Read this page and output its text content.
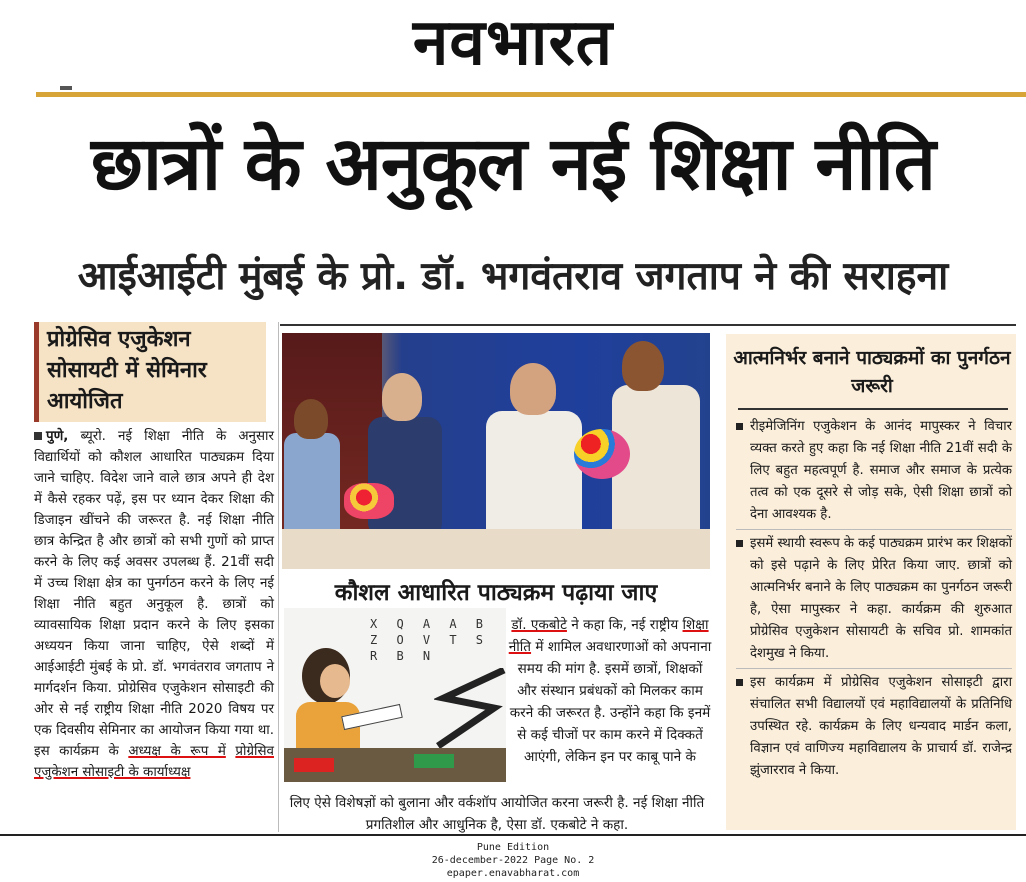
नवभारत
छात्रों के अनुकूल नई शिक्षा नीति
आईआईटी मुंबई के प्रो. डॉ. भगवंतराव जगताप ने की सराहना
प्रोग्रेसिव एजुकेशन
सोसायटी में सेमिनार
आयोजित
पुणे, ब्यूरो. नई शिक्षा नीति के अनुसार विद्यार्थियों को कौशल आधारित पाठ्यक्रम दिया जाने चाहिए. विदेश जाने वाले छात्र अपने ही देश में कैसे रहकर पढ़ें, इस पर ध्यान देकर शिक्षा की डिजाइन खींचने की जरूरत है. नई शिक्षा नीति छात्र केन्द्रित है और छात्रों को सभी गुणों को प्राप्त करने के लिए कई अवसर उपलब्ध हैं. 21वीं सदी में उच्च शिक्षा क्षेत्र का पुनर्गठन करने के लिए नई शिक्षा नीति बहुत अनुकूल है. छात्रों को व्यावसायिक शिक्षा प्रदान करने के लिए इसका अध्ययन किया जाना चाहिए, ऐसे शब्दों में आईआईटी मुंबई के प्रो. डॉ. भगवंतराव जगताप ने मार्गदर्शन किया. प्रोग्रेसिव एजुकेशन सोसाइटी की ओर से नई राष्ट्रीय शिक्षा नीति 2020 विषय पर एक दिवसीय सेमिनार का आयोजन किया गया था. इस कार्यक्रम के अध्यक्ष के रूप में प्रोग्रेसिव एजुकेशन सोसाइटी के कार्याध्यक्ष
कौशल आधारित पाठ्यक्रम पढ़ाया जाए
X Q A A B Z O V T S R B N
डॉ. एकबोटे ने कहा कि, नई राष्ट्रीय शिक्षा नीति में शामिल अवधारणाओं को अपनाना समय की मांग है. इसमें छात्रों, शिक्षकों और संस्थान प्रबंधकों को मिलकर काम करने की जरूरत है. उन्होंने कहा कि इनमें से कई चीजों पर काम करने में दिक्कतें आएंगी, लेकिन इन पर काबू पाने के
लिए ऐसे विशेषज्ञों को बुलाना और वर्कशॉप आयोजित करना जरूरी है. नई शिक्षा नीति प्रगतिशील और आधुनिक है, ऐसा डॉ. एकबोटे ने कहा.
आत्मनिर्भर बनाने पाठ्यक्रमों का पुनर्गठन जरूरी

रीइमेजिनिंग एजुकेशन के आनंद मापुस्कर ने विचार व्यक्त करते हुए कहा कि नई शिक्षा नीति 21वीं सदी के लिए बहुत महत्वपूर्ण है. समाज और समाज के प्रत्येक तत्व को एक दूसरे से जोड़ सके, ऐसी शिक्षा छात्रों को देना आवश्यक है.

इसमें स्थायी स्वरूप के कई पाठ्यक्रम प्रारंभ कर शिक्षकों को इसे पढ़ाने के लिए प्रेरित किया जाए. छात्रों को आत्मनिर्भर बनाने के लिए पाठ्यक्रम का पुनर्गठन जरूरी है, ऐसा मापुस्कर ने कहा. कार्यक्रम की शुरुआत प्रोग्रेसिव एजुकेशन सोसायटी के सचिव प्रो. शामकांत देशमुख ने किया.

इस कार्यक्रम में प्रोग्रेसिव एजुकेशन सोसाइटी द्वारा संचालित सभी विद्यालयों एवं महाविद्यालयों के प्रतिनिधि उपस्थित रहे. कार्यक्रम के लिए धन्यवाद मार्डन कला, विज्ञान एवं वाणिज्य महाविद्यालय के प्राचार्य डॉ. राजेन्द्र झुंजारराव ने किया.

Pune Edition
26-december-2022 Page No. 2
epaper.enavabharat.com
